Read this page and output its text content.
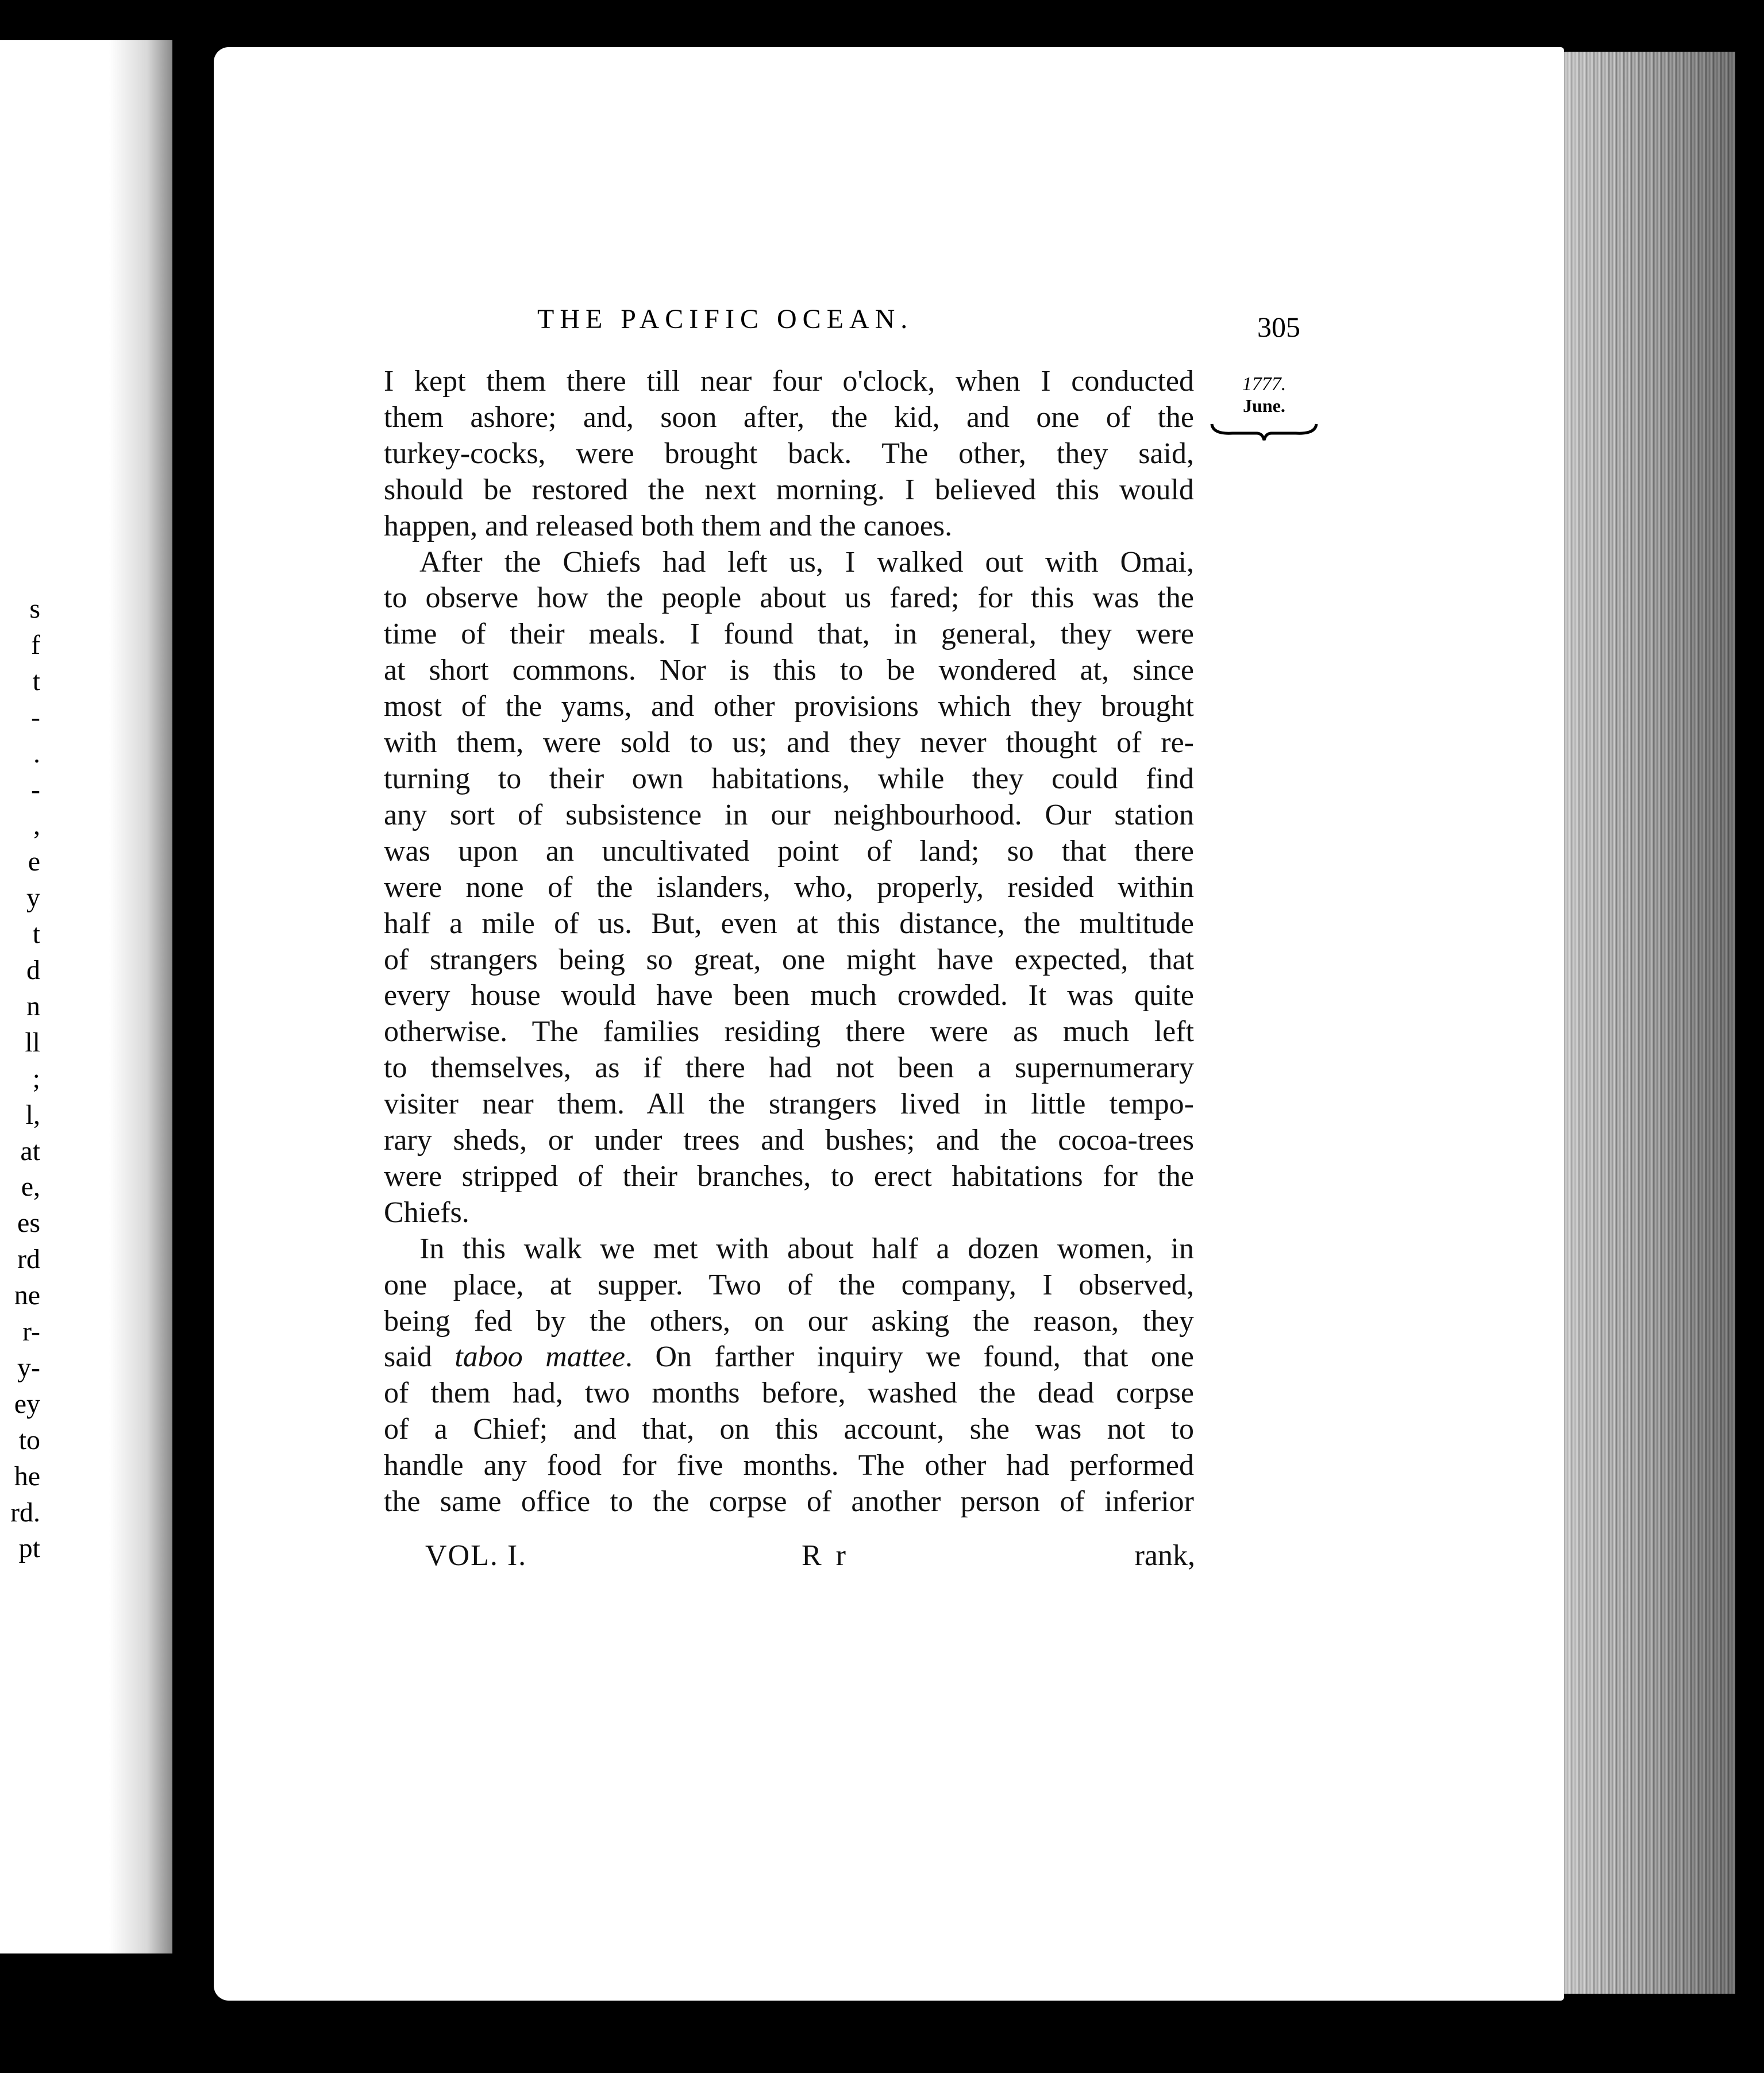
s
f
t
-
.
-
,
e
y
t
d
n
ll
;
l,
at
e,
es
rd
ne
r-
y-
ey
to
he
rd.
pt
THE PACIFIC OCEAN.	305
1777.
June.
I kept them there till near four o'clock, when I conducted
them ashore; and, soon after, the kid, and one of the
turkey-cocks, were brought back. The other, they said,
should be restored the next morning. I believed this would
happen, and released both them and the canoes.
After the Chiefs had left us, I walked out with Omai,
to observe how the people about us fared; for this was the
time of their meals. I found that, in general, they were
at short commons. Nor is this to be wondered at, since
most of the yams, and other provisions which they brought
with them, were sold to us; and they never thought of re-
turning to their own habitations, while they could find
any sort of subsistence in our neighbourhood. Our station
was upon an uncultivated point of land; so that there
were none of the islanders, who, properly, resided within
half a mile of us. But, even at this distance, the multitude
of strangers being so great, one might have expected, that
every house would have been much crowded. It was quite
otherwise. The families residing there were as much left
to themselves, as if there had not been a supernumerary
visiter near them. All the strangers lived in little tempo-
rary sheds, or under trees and bushes; and the cocoa-trees
were stripped of their branches, to erect habitations for the
Chiefs.
In this walk we met with about half a dozen women, in
one place, at supper. Two of the company, I observed,
being fed by the others, on our asking the reason, they
said taboo mattee. On farther inquiry we found, that one
of them had, two months before, washed the dead corpse
of a Chief; and that, on this account, she was not to
handle any food for five months. The other had performed
the same office to the corpse of another person of inferior
VOL. I.	R r	rank,
